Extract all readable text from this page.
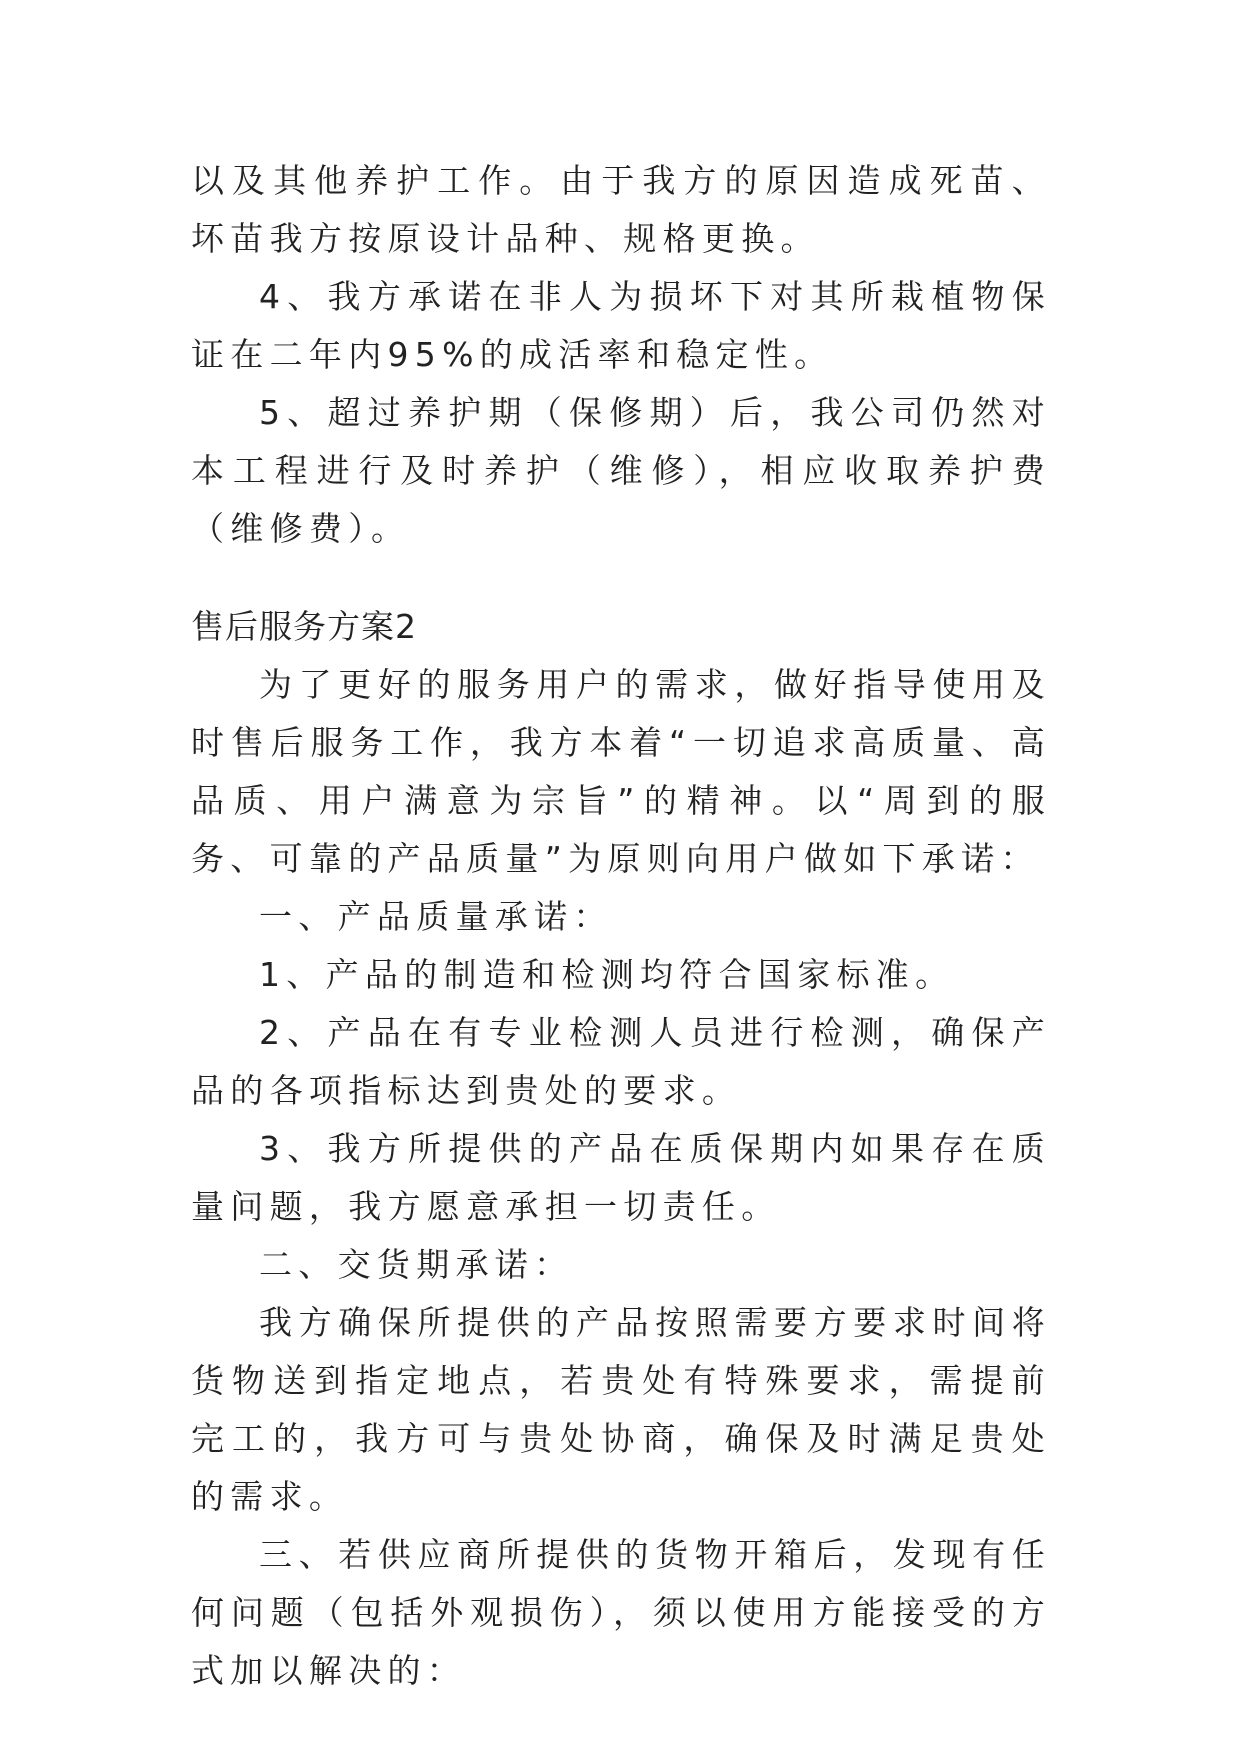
以及其他养护工作。由于我方的原因造成死苗、坏苗我方按原设计品种、规格更换。

4、我方承诺在非人为损坏下对其所栽植物保证在二年内95%的成活率和稳定性。

5、超过养护期（保修期）后，我公司仍然对本工程进行及时养护（维修），相应收取养护费（维修费）。

售后服务方案2

为了更好的服务用户的需求，做好指导使用及时售后服务工作，我方本着“一切追求高质量、高品质、用户满意为宗旨”的精神。以“周到的服务、可靠的产品质量”为原则向用户做如下承诺：

一、产品质量承诺：

1、产品的制造和检测均符合国家标准。

2、产品在有专业检测人员进行检测，确保产品的各项指标达到贵处的要求。

3、我方所提供的产品在质保期内如果存在质量问题，我方愿意承担一切责任。

二、交货期承诺：

我方确保所提供的产品按照需要方要求时间将货物送到指定地点，若贵处有特殊要求，需提前完工的，我方可与贵处协商，确保及时满足贵处的需求。

三、若供应商所提供的货物开箱后，发现有任何问题（包括外观损伤），须以使用方能接受的方式加以解决的：
